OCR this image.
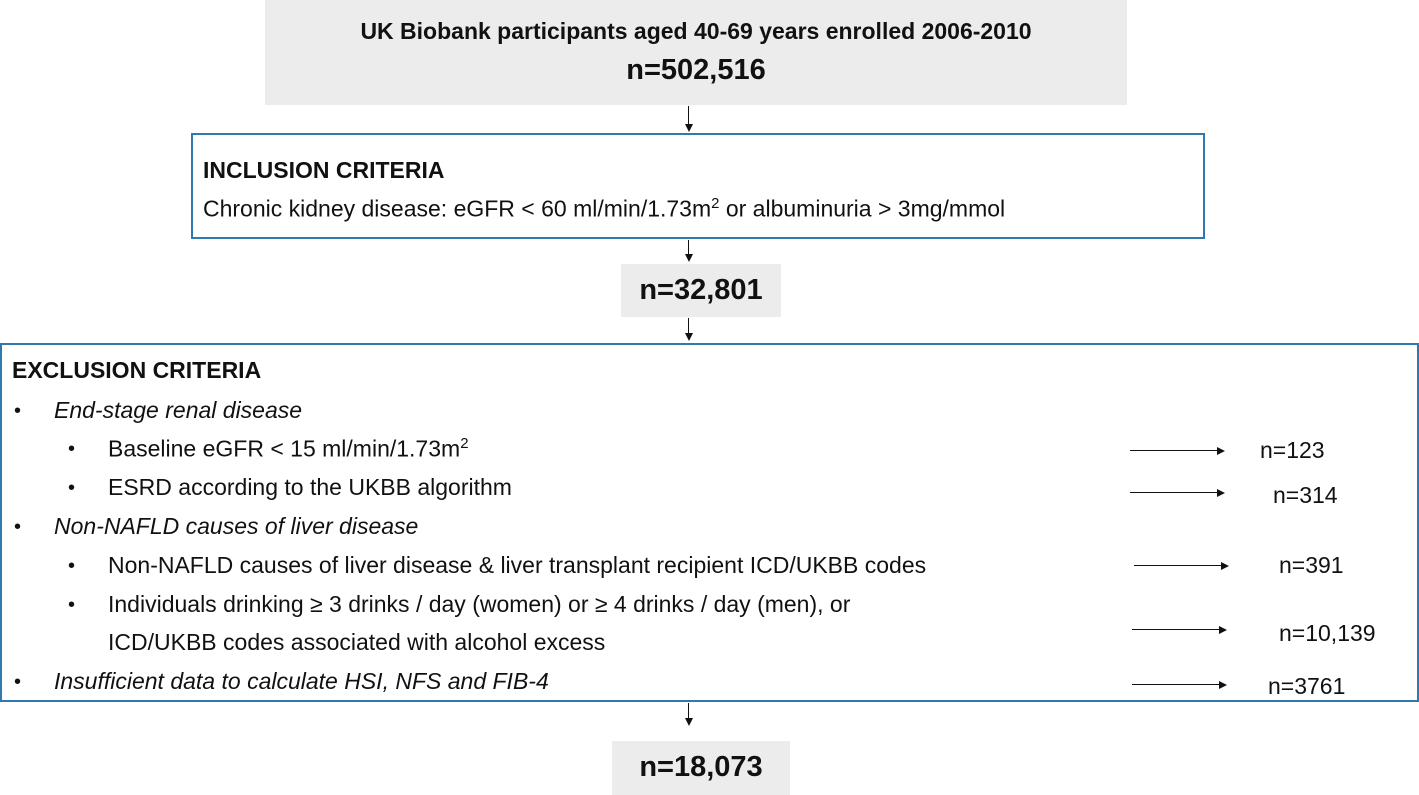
UK Biobank participants aged 40-69 years enrolled 2006-2010
n=502,516
INCLUSION CRITERIA
Chronic kidney disease: eGFR < 60 $ml/\min/1.73m^2$ or albuminuria > 3mg/mmol
n=32,801
EXCLUSION CRITERIA
• End-stage renal disease
• Baseline eGFR < 15 $ml/\min/1.73m^2$	n=123
• ESRD according to the UKBB algorithm	n=314
• Non-NAFLD causes of liver disease
• Non-NAFLD causes of liver disease & liver transplant recipient ICD/UKBB codes	n=391
• Individuals drinking ≥ 3 drinks / day (women) or ≥ 4 drinks / day (men), or
ICD/UKBB codes associated with alcohol excess	n=10,139
• Insufficient data to calculate HSI, NFS and FIB-4	n=3761
n=18,073
